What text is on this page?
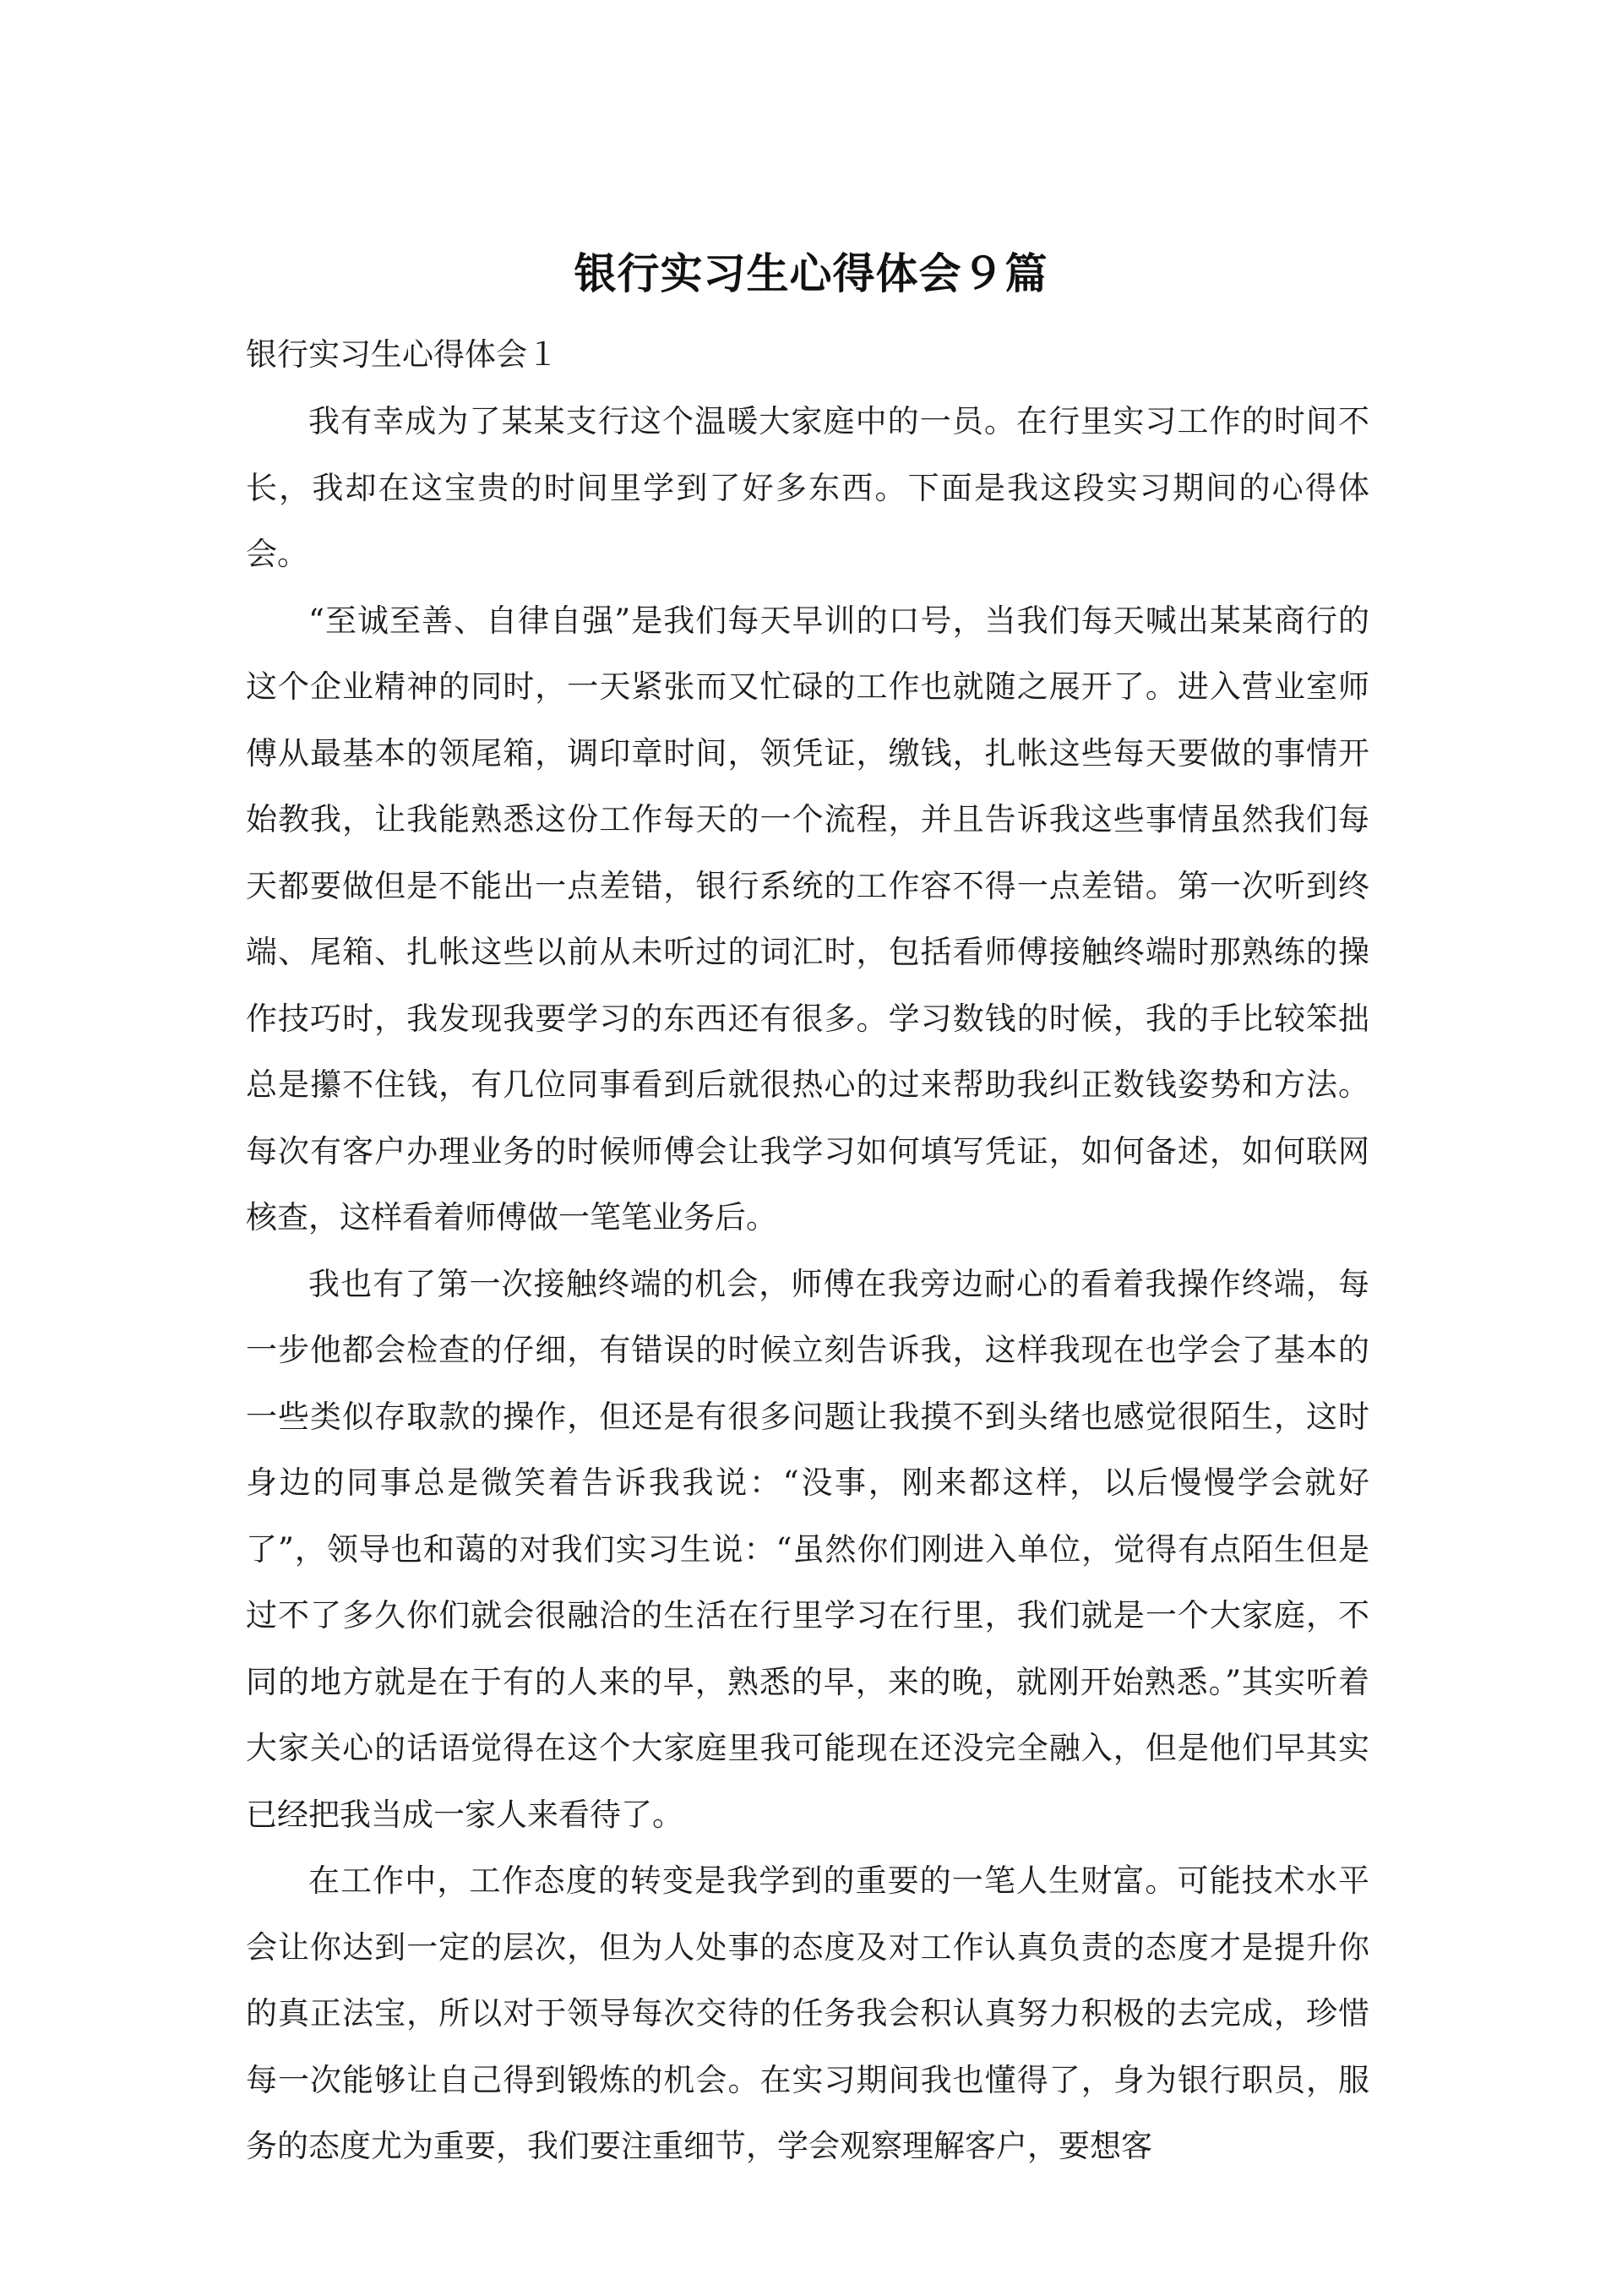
银行实习生心得体会９篇
银行实习生心得体会１

我有幸成为了某某支行这个温暖大家庭中的一员。在行里实习工作的时间不长，我却在这宝贵的时间里学到了好多东西。下面是我这段实习期间的心得体会。

“至诚至善、自律自强”是我们每天早训的口号，当我们每天喊出某某商行的这个企业精神的同时，一天紧张而又忙碌的工作也就随之展开了。进入营业室师傅从最基本的领尾箱，调印章时间，领凭证，缴钱，扎帐这些每天要做的事情开始教我，让我能熟悉这份工作每天的一个流程，并且告诉我这些事情虽然我们每天都要做但是不能出一点差错，银行系统的工作容不得一点差错。第一次听到终端、尾箱、扎帐这些以前从未听过的词汇时，包括看师傅接触终端时那熟练的操作技巧时，我发现我要学习的东西还有很多。学习数钱的时候，我的手比较笨拙总是攥不住钱，有几位同事看到后就很热心的过来帮助我纠正数钱姿势和方法。每次有客户办理业务的时候师傅会让我学习如何填写凭证，如何备述，如何联网核查，这样看着师傅做一笔笔业务后。

我也有了第一次接触终端的机会，师傅在我旁边耐心的看着我操作终端，每一步他都会检查的仔细，有错误的时候立刻告诉我，这样我现在也学会了基本的一些类似存取款的操作，但还是有很多问题让我摸不到头绪也感觉很陌生，这时身边的同事总是微笑着告诉我我说：“没事，刚来都这样，以后慢慢学会就好了”，领导也和蔼的对我们实习生说：“虽然你们刚进入单位，觉得有点陌生但是过不了多久你们就会很融洽的生活在行里学习在行里，我们就是一个大家庭，不同的地方就是在于有的人来的早，熟悉的早，来的晚，就刚开始熟悉。”其实听着大家关心的话语觉得在这个大家庭里我可能现在还没完全融入，但是他们早其实已经把我当成一家人来看待了。

在工作中，工作态度的转变是我学到的重要的一笔人生财富。可能技术水平会让你达到一定的层次，但为人处事的态度及对工作认真负责的态度才是提升你的真正法宝，所以对于领导每次交待的任务我会积认真努力积极的去完成，珍惜每一次能够让自己得到锻炼的机会。在实习期间我也懂得了，身为银行职员，服务的态度尤为重要，我们要注重细节，学会观察理解客户，要想客
